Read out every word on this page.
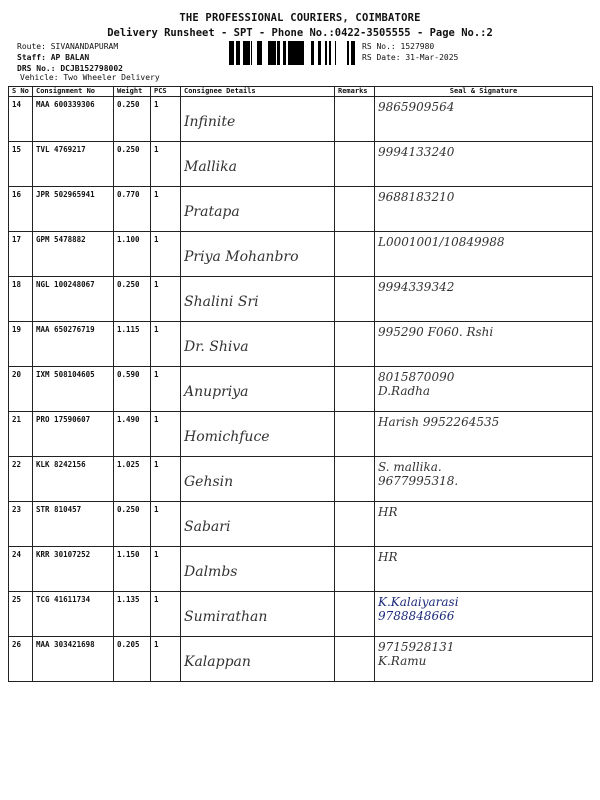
THE PROFESSIONAL COURIERS, COIMBATORE
Delivery Runsheet - SPT - Phone No.:0422-3505555 - Page No.:2
Route: SIVANANDAPURAM
Staff: AP BALAN
DRS No.: DCJB152798002
RS No.: 1527980
RS Date: 31-Mar-2025
Vehicle: Two Wheeler Delivery
S No	Consignment No	Weight	PCS	Consignee Details	Remarks	Seal & Signature
14	MAA 600339306	0.250	1	Infinite		9865909564

15	TVL 4769217	0.250	1	Mallika		9994133240

16	JPR 502965941	0.770	1	Pratapa		9688183210

17	GPM 5478882	1.100	1	Priya Mohanbro		L0001001/10849988

18	NGL 100248067	0.250	1	Shalini Sri		9994339342

19	MAA 650276719	1.115	1	Dr. Shiva		995290 F060. Rshi

20	IXM 508104605	0.590	1	Anupriya		8015870090
D.Radha

21	PRO 17590607	1.490	1	Homichfuce		Harish 9952264535

22	KLK 8242156	1.025	1	Gehsin		S. mallika.
9677995318.

23	STR 810457	0.250	1	Sabari		HR

24	KRR 30107252	1.150	1	Dalmbs		HR

25	TCG 41611734	1.135	1	Sumirathan		K.Kalaiyarasi
9788848666

26	MAA 303421698	0.205	1	Kalappan		9715928131
K.Ramu
